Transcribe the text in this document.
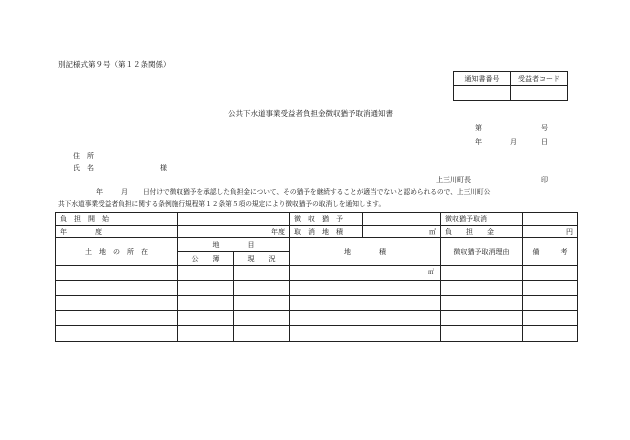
別記様式第９号（第１２条関係）
通知書番号	受益者コード

公共下水道事業受益者負担金徴収猶予取消通知書
第	号
年	月	日
住　所
氏　名	様
上三川町長	印
年	月 日付けで徴収猶予を承認した負担金について、その猶予を継続することが適当でないと認められるので、上三川町公
共下水道事業受益者負担に関する条例施行規程第１２条第５項の規定により徴収猶予の取消しを通知します。
負　担　開　始			徴　収　猶　予		徴収猶予取消	

年　　　　度	年度		取　消　地　積	㎡	負　　担　　金	円

土　地　の　所　在	地　　　　目		地　　　　積		徴収猶予取消理由	備　　　考

	公　　簿	現　　況				

			㎡			
